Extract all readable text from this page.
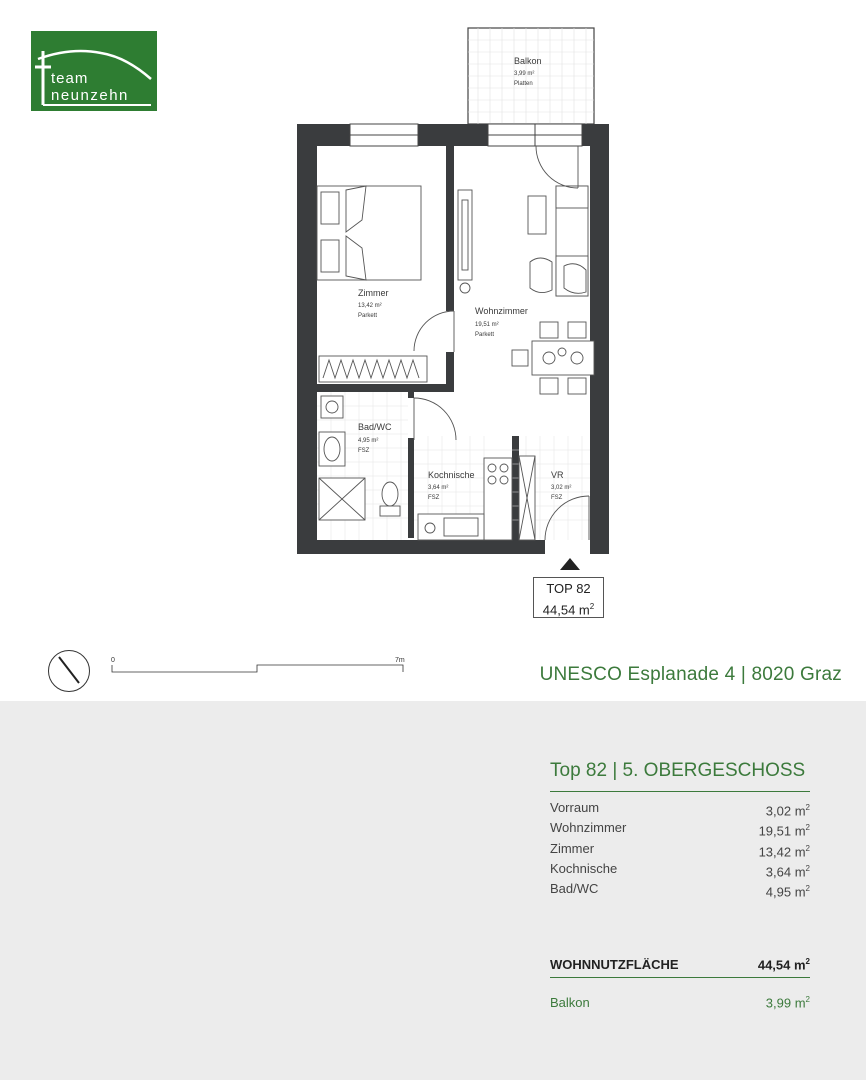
team
neunzehn
Balkon
3,99 m²
Platten
Zimmer
13,42 m²
Parkett	Wohnzimmer
19,51 m²
Parkett
Bad/WC
4,95 m²
FSZ
Kochnische
3,64 m²
FSZ
VR
3,02 m²
FSZ
TOP 82
44,54 $m^2$
0	7m
UNESCO Esplanade 4 | 8020 Graz
Top 82 | 5. OBERGESCHOSS
Vorraum	3,02 $m^2$
Wohnzimmer	19,51 $m^2$
Zimmer	13,42 $m^2$
Kochnische	3,64 $m^2$
Bad/WC	4,95 $m^2$
WOHNNUTZFLÄCHE	44,54 $m^2$
Balkon	3,99 $m^2$
